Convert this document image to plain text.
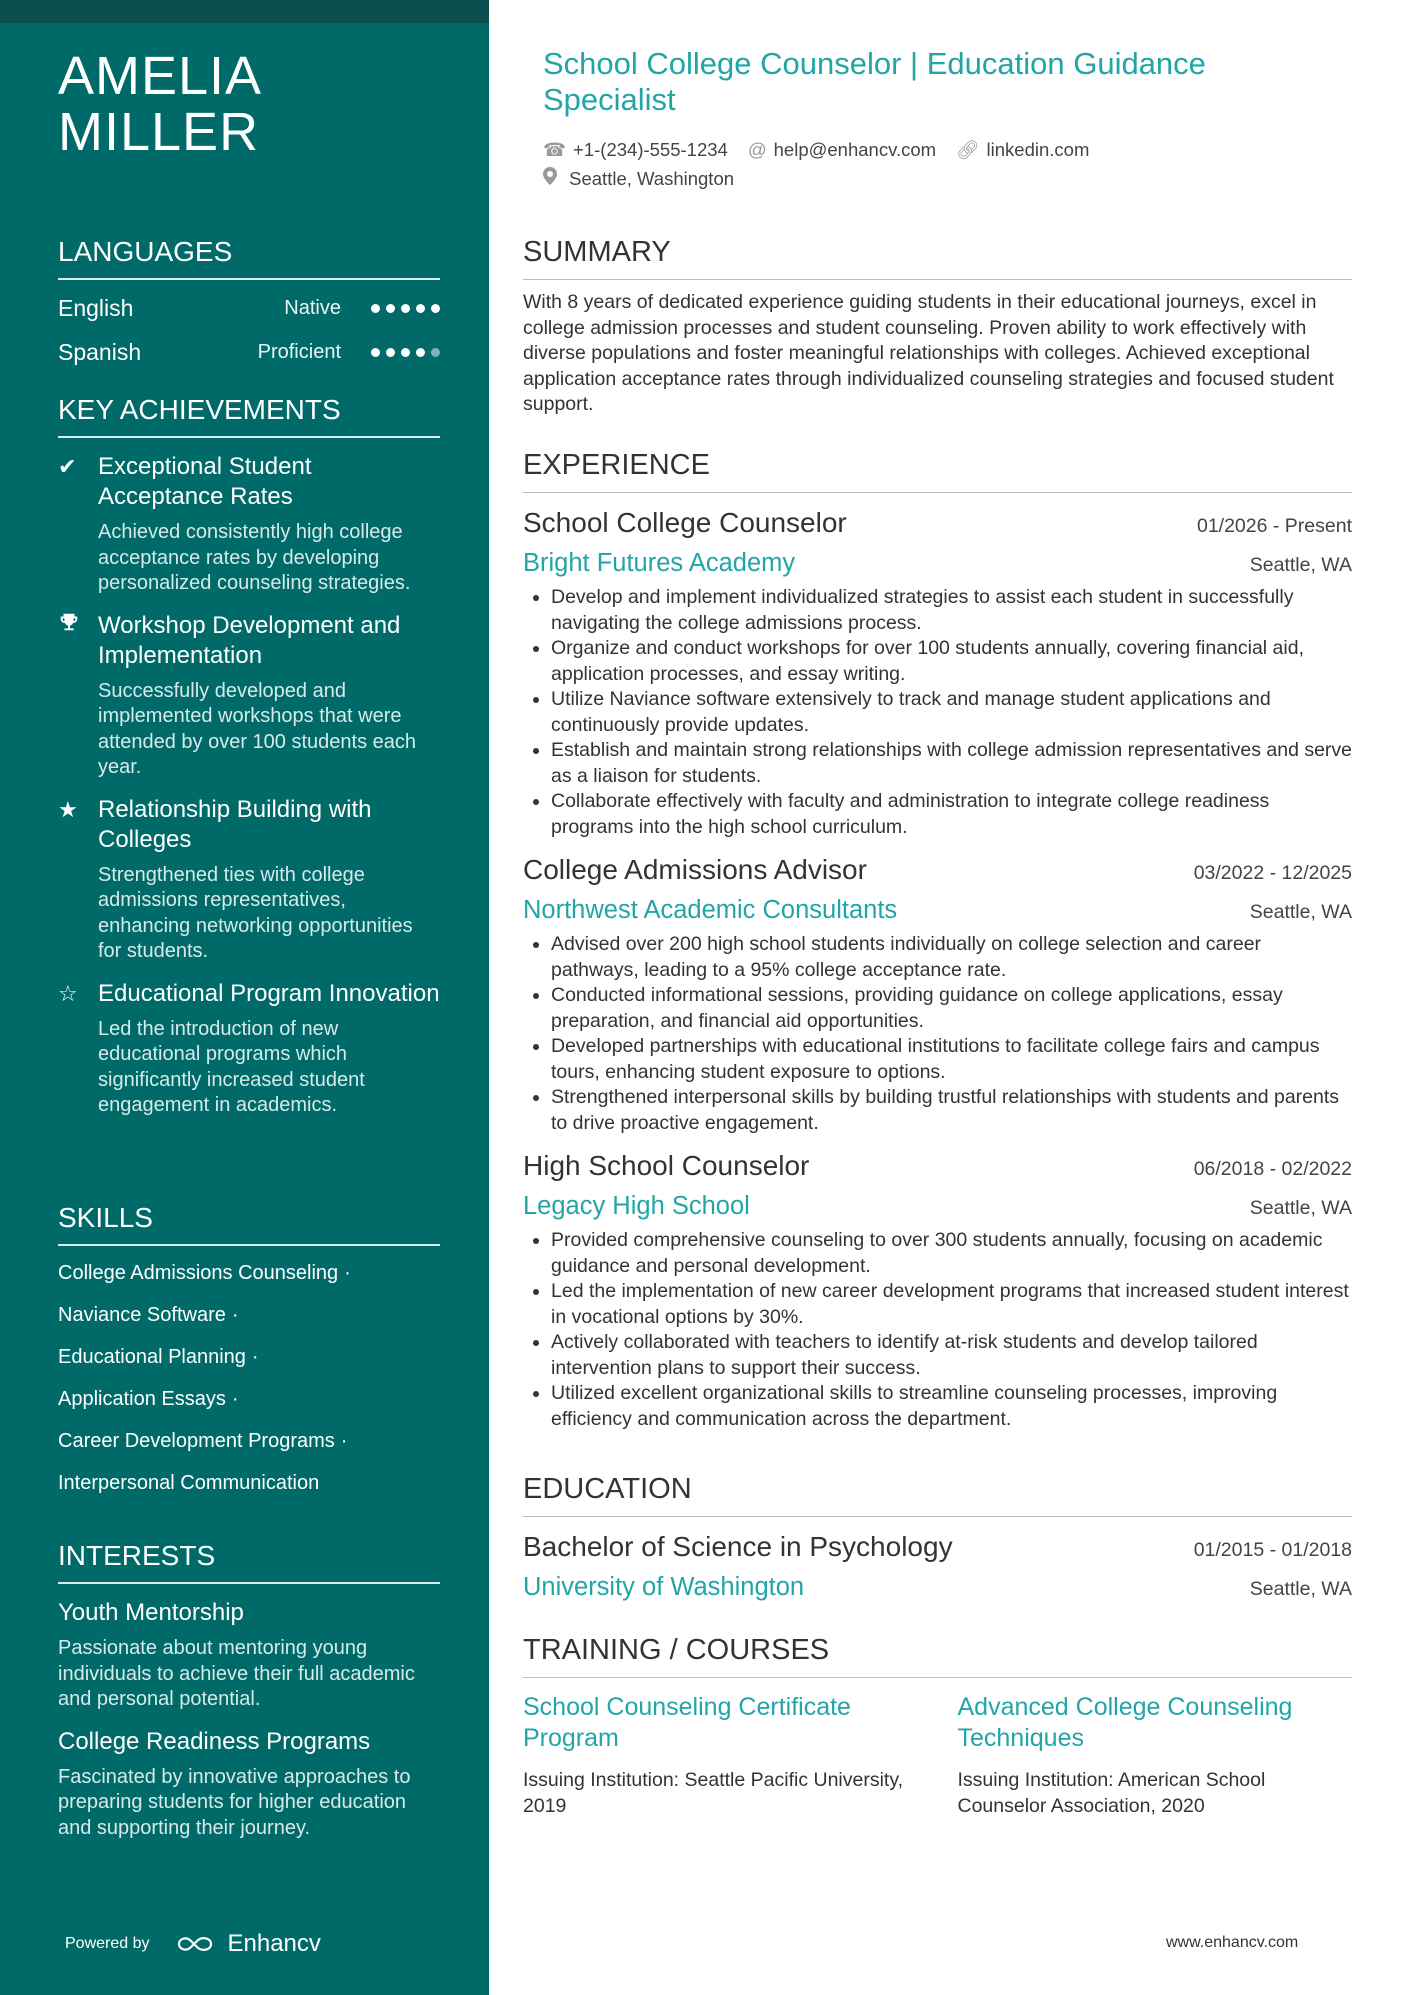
AMELIA
MILLER
LANGUAGES
English	Native
Spanish	Proficient
KEY ACHIEVEMENTS
✔ Exceptional Student Acceptance Rates
Achieved consistently high college acceptance rates by developing personalized counseling strategies.
Workshop Development and Implementation
Successfully developed and implemented workshops that were attended by over 100 students each year.
★ Relationship Building with Colleges
Strengthened ties with college admissions representatives, enhancing networking opportunities for students.
☆ Educational Program Innovation
Led the introduction of new educational programs which significantly increased student engagement in academics.
SKILLS
College Admissions Counseling ·
Naviance Software ·
Educational Planning ·
Application Essays ·
Career Development Programs ·
Interpersonal Communication
INTERESTS
Youth Mentorship
Passionate about mentoring young individuals to achieve their full academic and personal potential.
College Readiness Programs
Fascinated by innovative approaches to preparing students for higher education and supporting their journey.
Powered by	Enhancv
School College Counselor | Education Guidance Specialist
☎ +1-(234)-555-1234 @ help@enhancv.com 🔗︎ linkedin.com
Seattle, Washington
SUMMARY
With 8 years of dedicated experience guiding students in their educational journeys, excel in college admission processes and student counseling. Proven ability to work effectively with diverse populations and foster meaningful relationships with colleges. Achieved exceptional application acceptance rates through individualized counseling strategies and focused student support.
EXPERIENCE
School College Counselor	01/2026 - Present
Bright Futures Academy	Seattle, WA
• Develop and implement individualized strategies to assist each student in successfully navigating the college admissions process.
• Organize and conduct workshops for over 100 students annually, covering financial aid, application processes, and essay writing.
• Utilize Naviance software extensively to track and manage student applications and continuously provide updates.
• Establish and maintain strong relationships with college admission representatives and serve as a liaison for students.
• Collaborate effectively with faculty and administration to integrate college readiness programs into the high school curriculum.
College Admissions Advisor	03/2022 - 12/2025
Northwest Academic Consultants	Seattle, WA
• Advised over 200 high school students individually on college selection and career pathways, leading to a 95% college acceptance rate.
• Conducted informational sessions, providing guidance on college applications, essay preparation, and financial aid opportunities.
• Developed partnerships with educational institutions to facilitate college fairs and campus tours, enhancing student exposure to options.
• Strengthened interpersonal skills by building trustful relationships with students and parents to drive proactive engagement.
High School Counselor	06/2018 - 02/2022
Legacy High School	Seattle, WA
• Provided comprehensive counseling to over 300 students annually, focusing on academic guidance and personal development.
• Led the implementation of new career development programs that increased student interest in vocational options by 30%.
• Actively collaborated with teachers to identify at-risk students and develop tailored intervention plans to support their success.
• Utilized excellent organizational skills to streamline counseling processes, improving efficiency and communication across the department.
EDUCATION
Bachelor of Science in Psychology	01/2015 - 01/2018
University of Washington	Seattle, WA
TRAINING / COURSES
School Counseling Certificate Program
Issuing Institution: Seattle Pacific University, 2019
Advanced College Counseling Techniques
Issuing Institution: American School Counselor Association, 2020
www.enhancv.com
